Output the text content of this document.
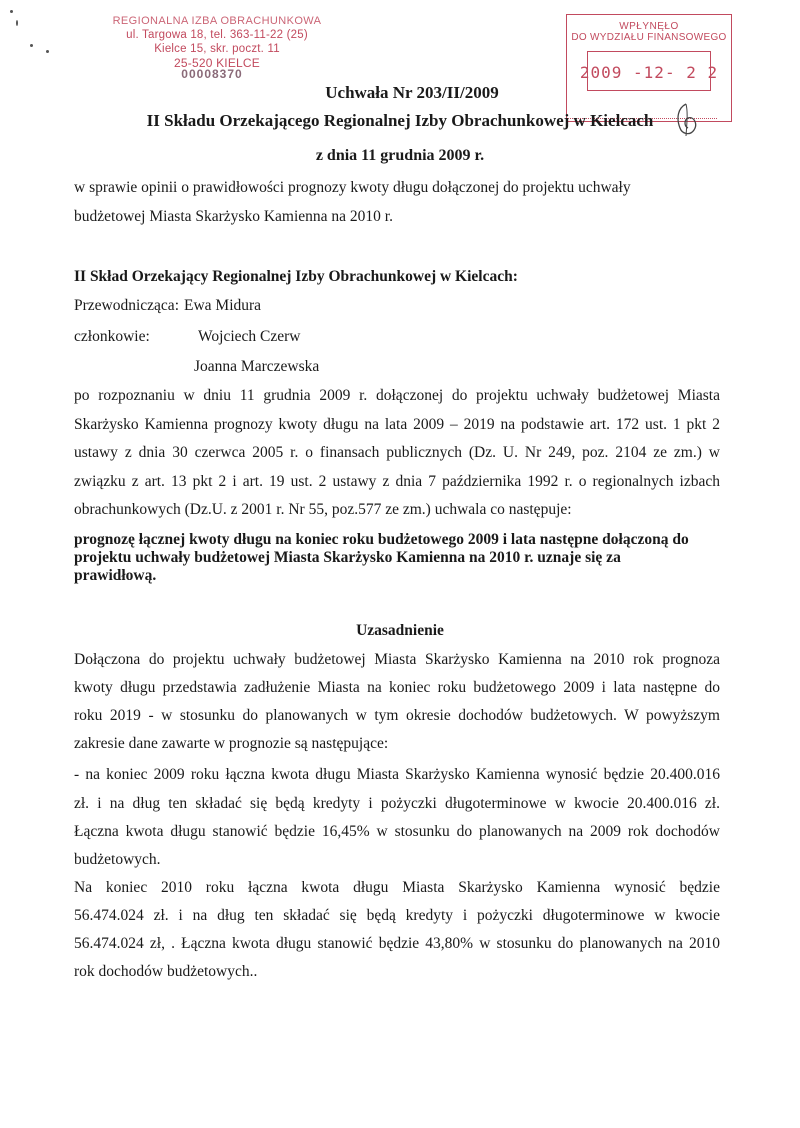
REGIONALNA IZBA OBRACHUNKOWA
ul. Targowa 18, tel. 363-11-22 (25)
Kielce 15, skr. poczt. 11
25-520 KIELCE
00008370
WPŁYNĘŁO
DO WYDZIAŁU FINANSOWEGO
2009 -12- 2 2
Uchwała Nr 203/II/2009
II Składu Orzekającego Regionalnej Izby Obrachunkowej w Kielcach
z dnia 11 grudnia 2009 r.
w sprawie opinii o prawidłowości prognozy kwoty długu dołączonej do projektu uchwały
budżetowej Miasta Skarżysko Kamienna na 2010 r.
II Skład Orzekający Regionalnej Izby Obrachunkowej w Kielcach:
Przewodnicząca: Ewa Midura
członkowie:	Wojciech Czerw
Joanna Marczewska
po rozpoznaniu w dniu 11 grudnia 2009 r. dołączonej do projektu uchwały budżetowej Miasta
Skarżysko Kamienna prognozy kwoty długu na lata 2009 – 2019 na podstawie art. 172 ust. 1 pkt 2
ustawy z dnia 30 czerwca 2005 r. o finansach publicznych (Dz. U. Nr 249, poz. 2104 ze zm.) w
związku z art. 13 pkt 2 i art. 19 ust. 2 ustawy z dnia 7 października 1992 r. o regionalnych izbach
obrachunkowych (Dz.U. z 2001 r. Nr 55, poz.577 ze zm.) uchwala co następuje:
prognozę łącznej kwoty długu na koniec roku budżetowego 2009 i lata następne dołączoną do
projektu uchwały budżetowej Miasta Skarżysko Kamienna na 2010 r. uznaje się za
prawidłową.
Uzasadnienie
Dołączona do projektu uchwały budżetowej Miasta Skarżysko Kamienna na 2010 rok prognoza
kwoty długu przedstawia zadłużenie Miasta na koniec roku budżetowego 2009 i lata następne do
roku 2019 - w stosunku do planowanych w tym okresie dochodów budżetowych. W powyższym
zakresie dane zawarte w prognozie są następujące:
- na koniec 2009 roku łączna kwota długu Miasta Skarżysko Kamienna wynosić będzie 20.400.016
zł. i na dług ten składać się będą kredyty i pożyczki długoterminowe w kwocie 20.400.016 zł.
Łączna kwota długu stanowić będzie 16,45% w stosunku do planowanych na 2009 rok dochodów
budżetowych.
Na koniec 2010 roku łączna kwota długu Miasta Skarżysko Kamienna wynosić będzie
56.474.024 zł. i na dług ten składać się będą kredyty i pożyczki długoterminowe w kwocie
56.474.024 zł, . Łączna kwota długu stanowić będzie 43,80% w stosunku do planowanych na 2010
rok dochodów budżetowych..
